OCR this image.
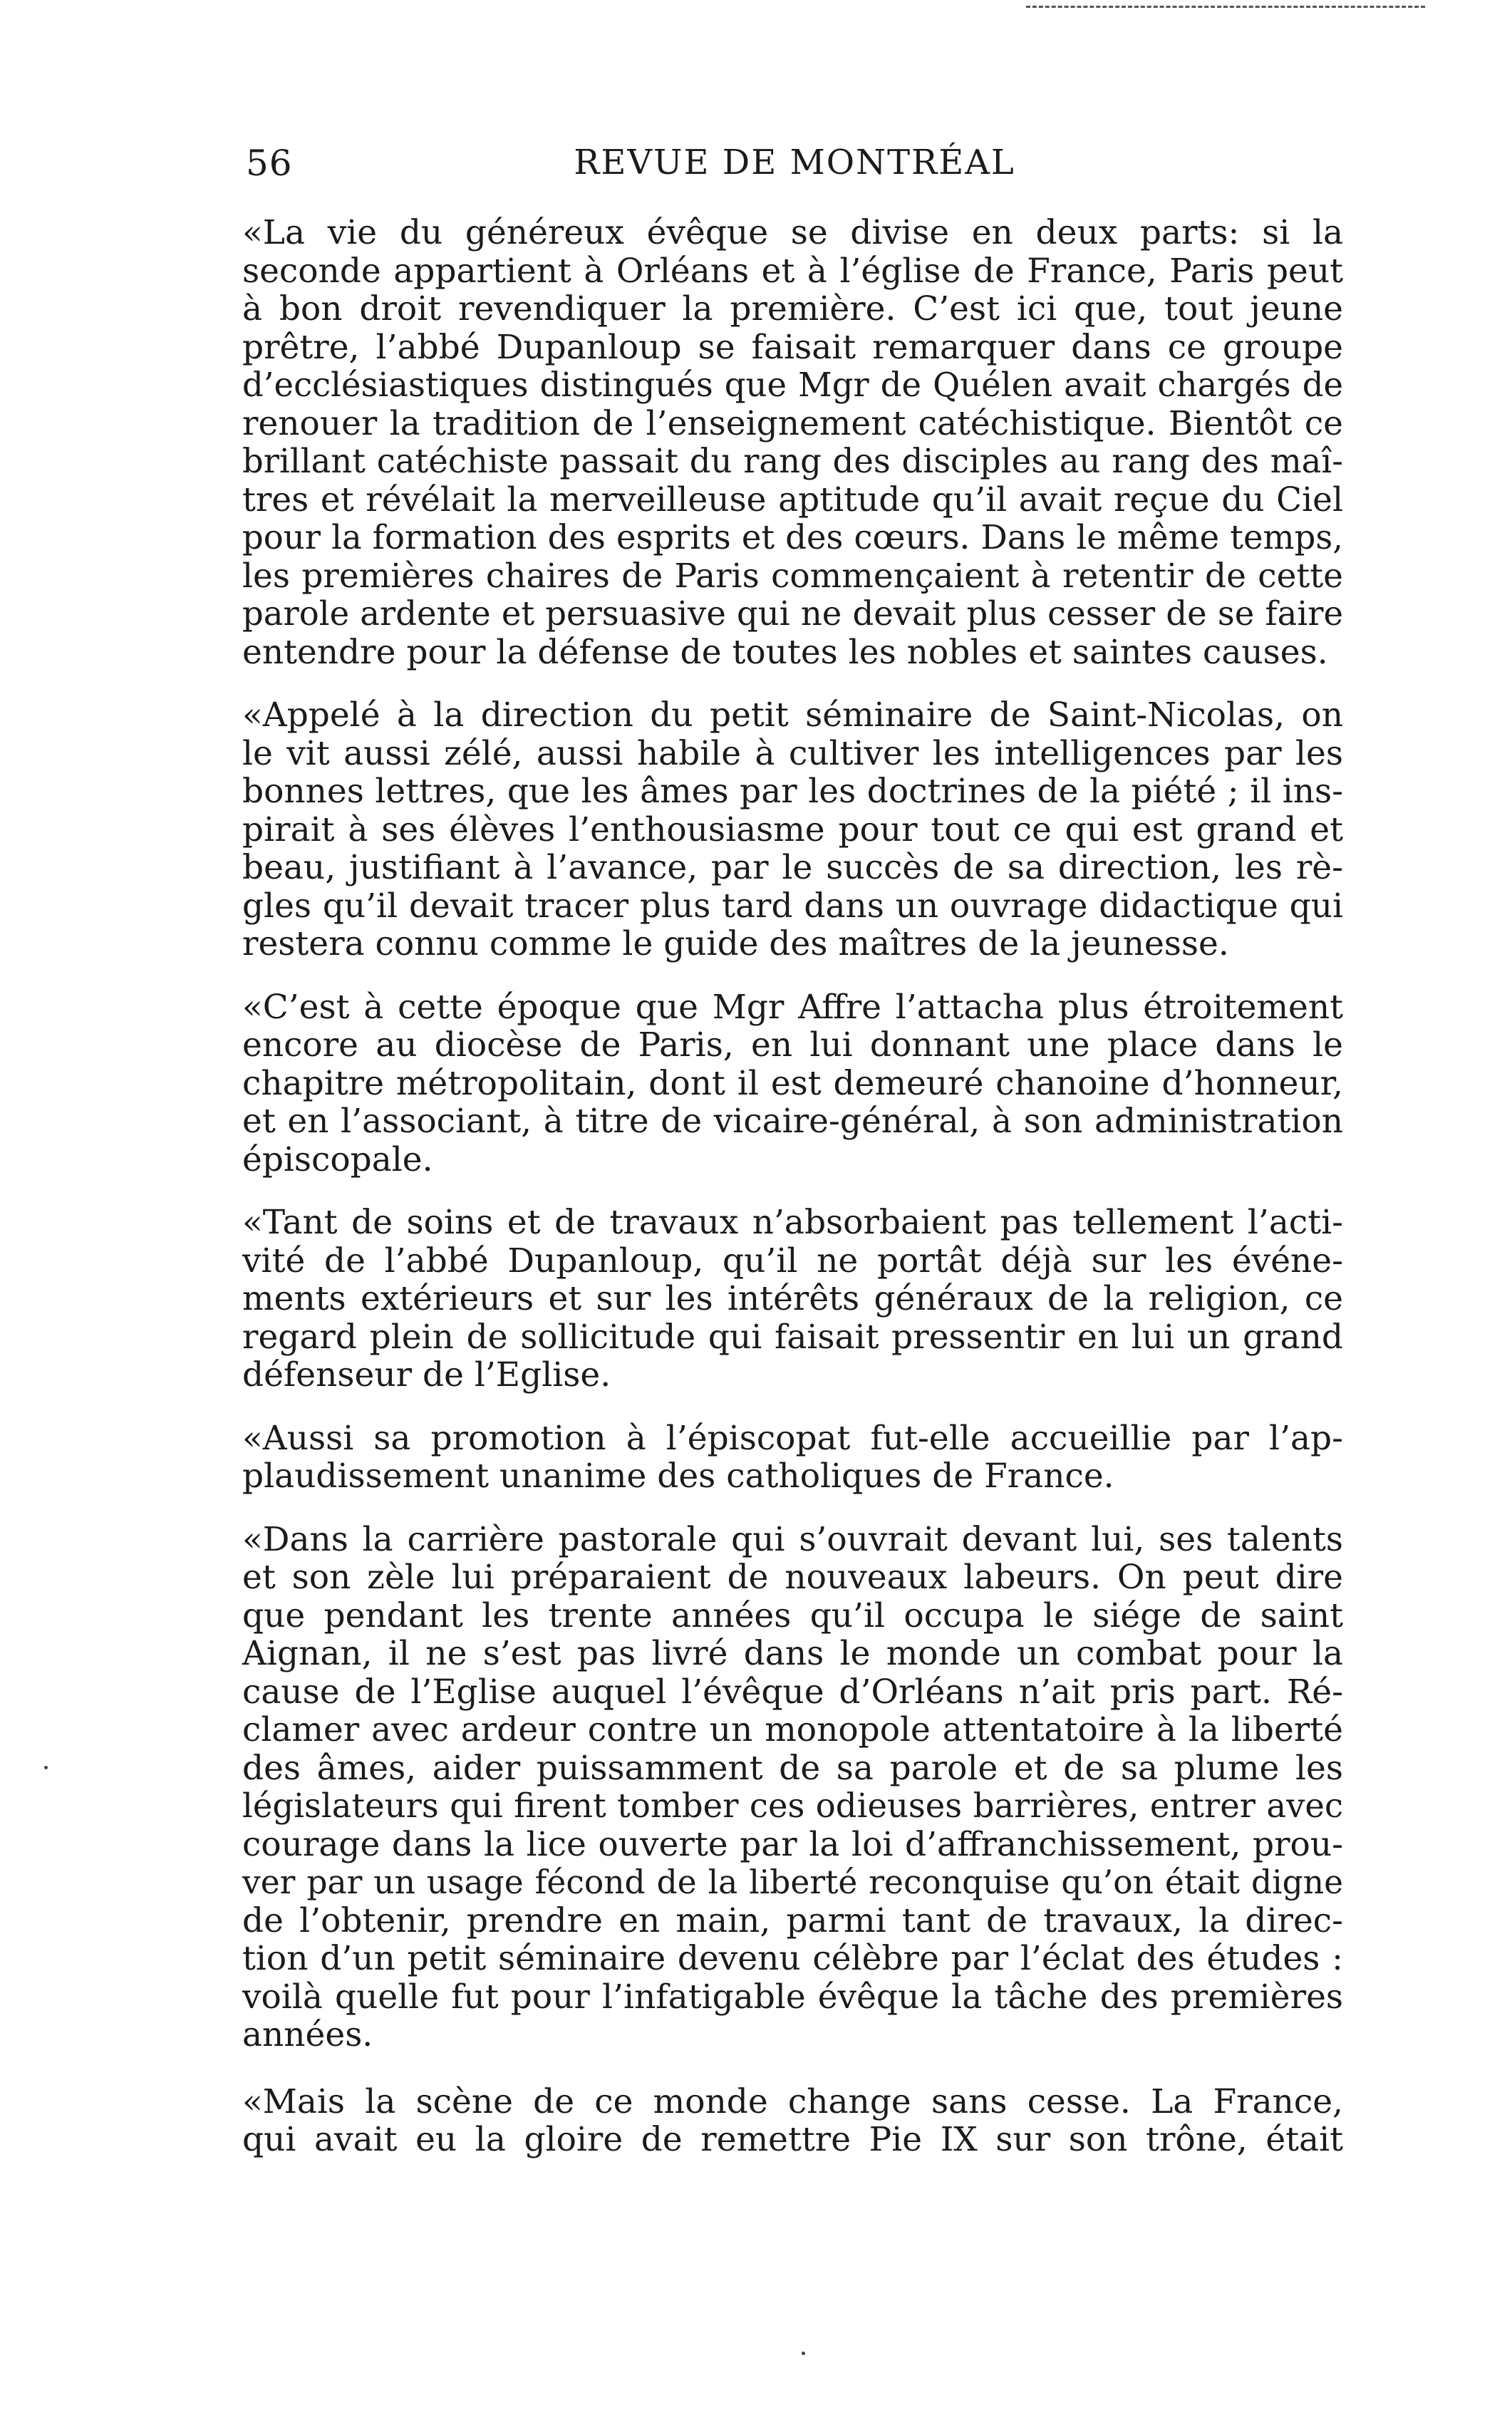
56	REVUE DE MONTRÉAL
«La vie du généreux évêque se divise en deux parts: si la
seconde appartient à Orléans et à l’église de France, Paris peut
à bon droit revendiquer la première. C’est ici que, tout jeune
prêtre, l’abbé Dupanloup se faisait remarquer dans ce groupe
d’ecclésiastiques distingués que Mgr de Quélen avait chargés de
renouer la tradition de l’enseignement catéchistique. Bientôt ce
brillant catéchiste passait du rang des disciples au rang des maî-
tres et révélait la merveilleuse aptitude qu’il avait reçue du Ciel
pour la formation des esprits et des cœurs. Dans le même temps,
les premières chaires de Paris commençaient à retentir de cette
parole ardente et persuasive qui ne devait plus cesser de se faire
entendre pour la défense de toutes les nobles et saintes causes.
«Appelé à la direction du petit séminaire de Saint-Nicolas, on
le vit aussi zélé, aussi habile à cultiver les intelligences par les
bonnes lettres, que les âmes par les doctrines de la piété ; il ins-
pirait à ses élèves l’enthousiasme pour tout ce qui est grand et
beau, justifiant à l’avance, par le succès de sa direction, les rè-
gles qu’il devait tracer plus tard dans un ouvrage didactique qui
restera connu comme le guide des maîtres de la jeunesse.
«C’est à cette époque que Mgr Affre l’attacha plus étroitement
encore au diocèse de Paris, en lui donnant une place dans le
chapitre métropolitain, dont il est demeuré chanoine d’honneur,
et en l’associant, à titre de vicaire-général, à son administration
épiscopale.
«Tant de soins et de travaux n’absorbaient pas tellement l’acti-
vité de l’abbé Dupanloup, qu’il ne portât déjà sur les événe-
ments extérieurs et sur les intérêts généraux de la religion, ce
regard plein de sollicitude qui faisait pressentir en lui un grand
défenseur de l’Eglise.
«Aussi sa promotion à l’épiscopat fut-elle accueillie par l’ap-
plaudissement unanime des catholiques de France.
«Dans la carrière pastorale qui s’ouvrait devant lui, ses talents
et son zèle lui préparaient de nouveaux labeurs. On peut dire
que pendant les trente années qu’il occupa le siége de saint
Aignan, il ne s’est pas livré dans le monde un combat pour la
cause de l’Eglise auquel l’évêque d’Orléans n’ait pris part. Ré-
clamer avec ardeur contre un monopole attentatoire à la liberté
des âmes, aider puissamment de sa parole et de sa plume les
législateurs qui firent tomber ces odieuses barrières, entrer avec
courage dans la lice ouverte par la loi d’affranchissement, prou-
ver par un usage fécond de la liberté reconquise qu’on était digne
de l’obtenir, prendre en main, parmi tant de travaux, la direc-
tion d’un petit séminaire devenu célèbre par l’éclat des études :
voilà quelle fut pour l’infatigable évêque la tâche des premières
années.
«Mais la scène de ce monde change sans cesse. La France,
qui avait eu la gloire de remettre Pie IX sur son trône, était
